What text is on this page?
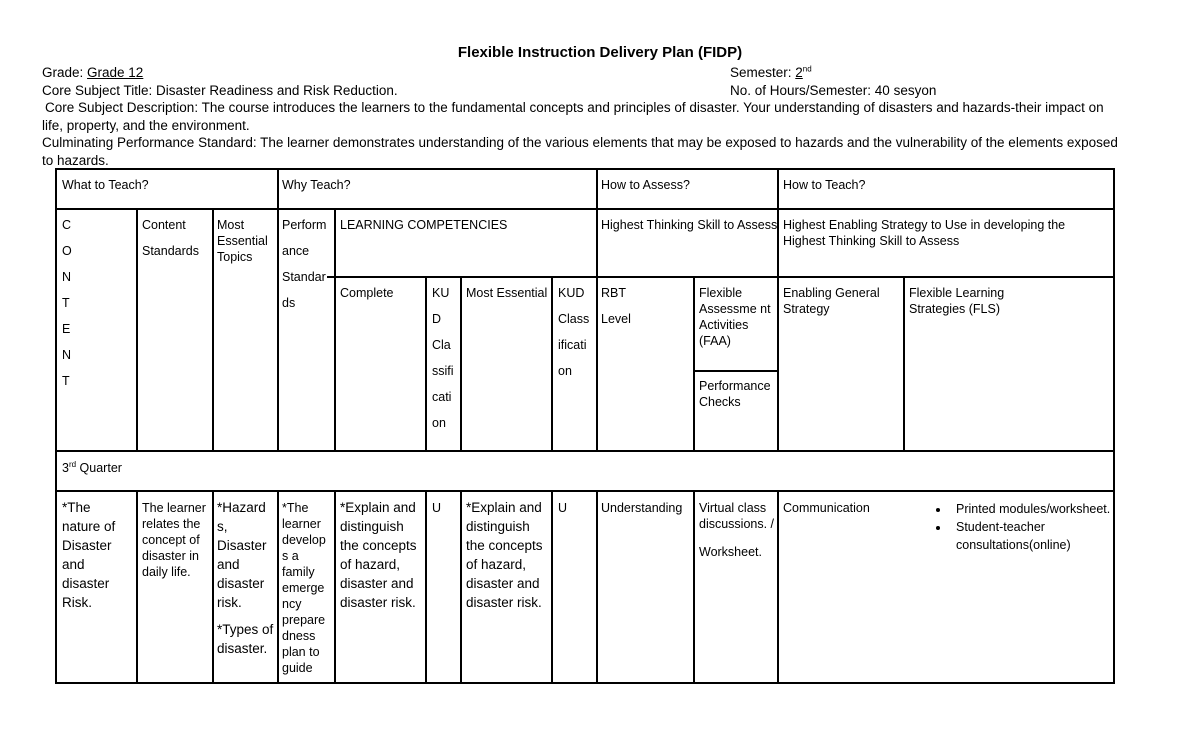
Flexible Instruction Delivery Plan (FIDP)
Grade: Grade 12	Semester: 2nd
Core Subject Title: Disaster Readiness and Risk Reduction.	No. of Hours/Semester: 40 sesyon
Core Subject Description: The course introduces the learners to the fundamental concepts and principles of disaster. Your understanding of disasters and hazards-their impact on life, property, and the environment.
Culminating Performance Standard: The learner demonstrates understanding of the various elements that may be exposed to hazards and the vulnerability of the elements exposed to hazards.
What to Teach?	Why Teach?	How to Assess?	How to Teach?
C O N T E N T
Content
Standards
Most Essential Topics
Perform ance Standar ds
LEARNING COMPETENCIES	Highest Thinking Skill to Assess Highest Enabling Strategy to Use in developing the Highest Thinking Skill to Assess
Complete	KU D Cla ssifi cati on
Most Essential KUD Class ificati on
RBT Level
Flexible Assessme nt Activities (FAA)
Performance Checks
Enabling General Strategy
Flexible Learning Strategies (FLS)
3rd Quarter
*The nature of Disaster and disaster Risk.
The learner relates the concept of disaster in daily life.
*Hazard s, Disaster and disaster risk.
*Types of disaster.
*The learner develop s a family emerge ncy prepare dness plan to guide
*Explain and distinguish the concepts of hazard, disaster and disaster risk.
U *Explain and distinguish the concepts of hazard, disaster and disaster risk.
U	Understanding Virtual class discussions. /
Worksheet.
Communication
•	Printed modules/worksheet.
• Student-teacher consultations(online)
